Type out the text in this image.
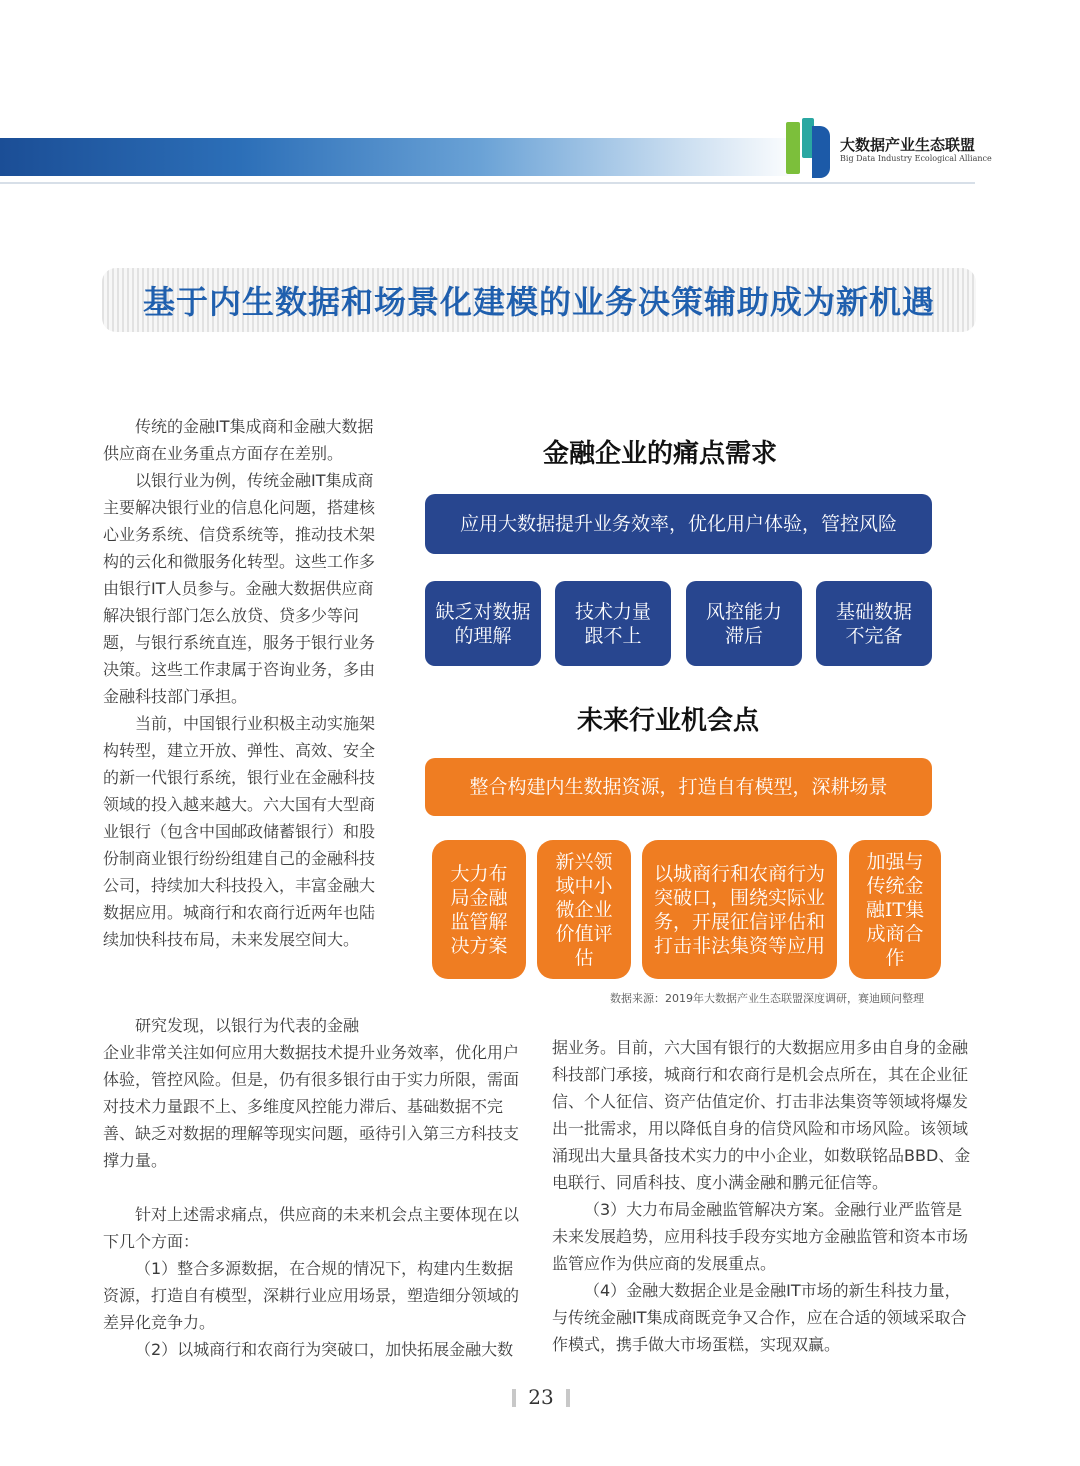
大数据产业生态联盟
Big Data Industry Ecological Alliance
基于内生数据和场景化建模的业务决策辅助成为新机遇

传统的金融IT集成商和金融大数据供应商在业务重点方面存在差别。

以银行业为例，传统金融IT集成商主要解决银行业的信息化问题，搭建核心业务系统、信贷系统等，推动技术架构的云化和微服务化转型。这些工作多由银行IT人员参与。金融大数据供应商解决银行部门怎么放贷、贷多少等问题，与银行系统直连，服务于银行业务决策。这些工作隶属于咨询业务，多由金融科技部门承担。

当前，中国银行业积极主动实施架构转型，建立开放、弹性、高效、安全的新一代银行系统，银行业在金融科技领域的投入越来越大。六大国有大型商业银行（包含中国邮政储蓄银行）和股份制商业银行纷纷组建自己的金融科技公司，持续加大科技投入，丰富金融大数据应用。城商行和农商行近两年也陆续加快科技布局，未来发展空间大。

金融企业的痛点需求
应用大数据提升业务效率，优化用户体验，管控风险
缺乏对数据的理解
技术力量跟不上
风控能力滞后
基础数据不完备
未来行业机会点
整合构建内生数据资源，打造自有模型，深耕场景
大力布局金融监管解决方案
新兴领域中小微企业价值评估
以城商行和农商行为突破口，围绕实际业务，开展征信评估和打击非法集资等应用
加强与传统金融IT集成商合作
数据来源：2019年大数据产业生态联盟深度调研，赛迪顾问整理

研究发现，以银行为代表的金融

企业非常关注如何应用大数据技术提升业务效率，优化用户体验，管控风险。但是，仍有很多银行由于实力所限，需面对技术力量跟不上、多维度风控能力滞后、基础数据不完善、缺乏对数据的理解等现实问题，亟待引入第三方科技支撑力量。

针对上述需求痛点，供应商的未来机会点主要体现在以下几个方面：

（1）整合多源数据，在合规的情况下，构建内生数据资源，打造自有模型，深耕行业应用场景，塑造细分领域的差异化竞争力。

（2）以城商行和农商行为突破口，加快拓展金融大数

据业务。目前，六大国有银行的大数据应用多由自身的金融科技部门承接，城商行和农商行是机会点所在，其在企业征信、个人征信、资产估值定价、打击非法集资等领域将爆发出一批需求，用以降低自身的信贷风险和市场风险。该领域涌现出大量具备技术实力的中小企业，如数联铭品BBD、金电联行、同盾科技、度小满金融和鹏元征信等。

（3）大力布局金融监管解决方案。金融行业严监管是未来发展趋势，应用科技手段夯实地方金融监管和资本市场监管应作为供应商的发展重点。

（4）金融大数据企业是金融IT市场的新生科技力量，与传统金融IT集成商既竞争又合作，应在合适的领域采取合作模式，携手做大市场蛋糕，实现双赢。

23
